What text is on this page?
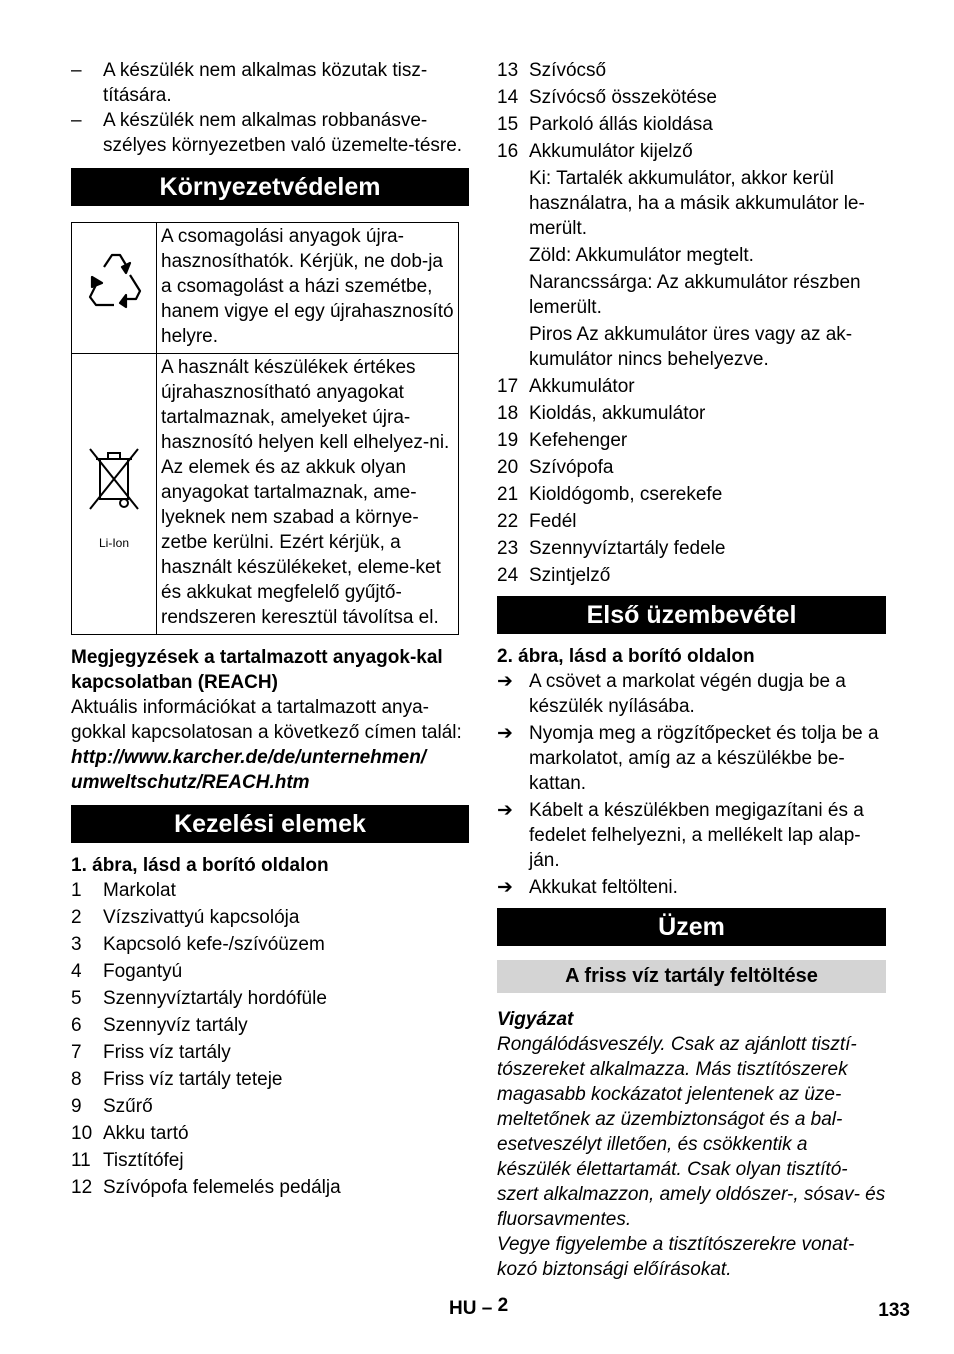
–	A készülék nem alkalmas közutak tisz-títására.
–	A készülék nem alkalmas robbanásve-szélyes környezetben való üzemelte-tésre.
Környezetvédelem
	A csomagolási anyagok újra-hasznosíthatók. Kérjük, ne dob-ja a csomagolást a házi szemétbe, hanem vigye el egy újrahasznosító helyre.

Li-Ion	A használt készülékek értékes újrahasznosítható anyagokat tartalmaznak, amelyeket újra-hasznosító helyen kell elhelyez-ni. Az elemek és az akkuk olyan anyagokat tartalmaznak, ame-lyeknek nem szabad a környe-zetbe kerülni. Ezért kérjük, a használt készülékeket, eleme-ket és akkukat megfelelő gyűjtő-rendszeren keresztül távolítsa el.

Megjegyzések a tartalmazott anyagok-kal kapcsolatban (REACH)

Aktuális információkat a tartalmazott anya-gokkal kapcsolatosan a következő címen talál:

http://www.karcher.de/de/unternehmen/ umweltschutz/REACH.htm

Kezelési elemek

1. ábra, lásd a borító oldalon

1	Markolat
2	Vízszivattyú kapcsolója
3	Kapcsoló kefe-/szívóüzem
4	Fogantyú
5	Szennyvíztartály hordófüle
6	Szennyvíz tartály
7	Friss víz tartály
8	Friss víz tartály teteje
9	Szűrő
10 Akku tartó
11 Tisztítófej
12 Szívópofa felemelés pedálja
13 Szívócső
14 Szívócső összekötése
15 Parkoló állás kioldása
16 Akkumulátor kijelző
Ki: Tartalék akkumulátor, akkor kerül használatra, ha a másik akkumulátor le-merült.
Zöld: Akkumulátor megtelt.
Narancssárga: Az akkumulátor részben lemerült.
Piros Az akkumulátor üres vagy az ak-kumulátor nincs behelyezve.
17 Akkumulátor
18 Kioldás, akkumulátor
19 Kefehenger
20 Szívópofa
21 Kioldógomb, cserekefe
22 Fedél
23 Szennyvíztartály fedele
24 Szintjelző
Első üzembevétel

2. ábra, lásd a borító oldalon

➔ A csövet a markolat végén dugja be a készülék nyílásába.
➔ Nyomja meg a rögzítőpecket és tolja be a markolatot, amíg az a készülékbe be-kattan.
➔ Kábelt a készülékben megigazítani és a fedelet felhelyezni, a mellékelt lap alap-ján.
➔ Akkukat feltölteni.
Üzem
A friss víz tartály feltöltése

Vigyázat

Rongálódásveszély. Csak az ajánlott tisztí-tószereket alkalmazza. Más tisztítószerek magasabb kockázatot jelentenek az üze-meltetőnek az üzembiztonságot és a bal-esetveszélyt illetően, és csökkentik a készülék élettartamát. Csak olyan tisztító-szert alkalmazzon, amely oldószer-, sósav- és fluorsavmentes.

Vegye figyelembe a tisztítószerekre vonat-kozó biztonsági előírásokat.

HU – 2	133
